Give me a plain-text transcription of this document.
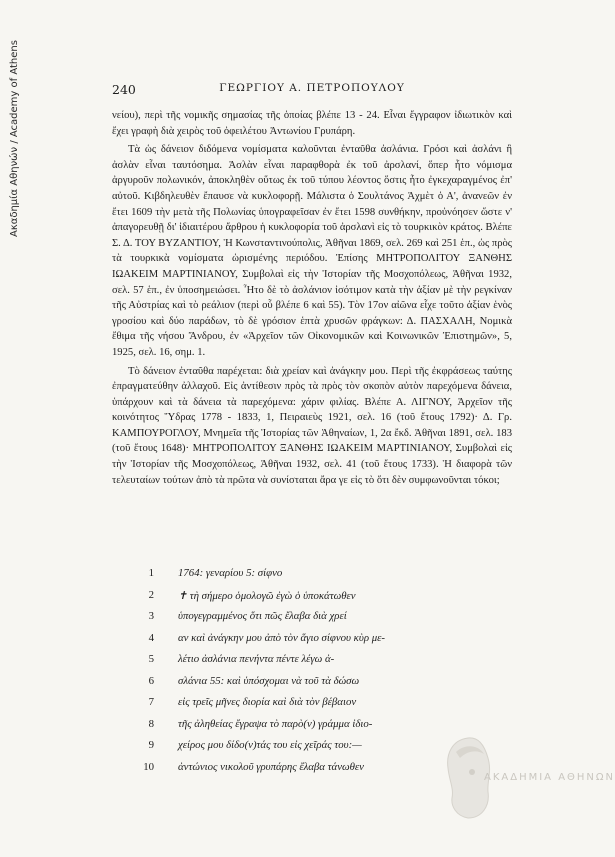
Ακαδημία Αθηνών / Academy of Athens	240	ΓΕΩΡΓΙΟΥ Α. ΠΕΤΡΟΠΟΥΛΟΥ

νείου), περὶ τῆς νομικῆς σημασίας τῆς ὁποίας βλέπε 13 - 24. Εἶναι ἔγγραφον ἰδιωτικὸν καὶ ἔχει γραφὴ διὰ χειρὸς τοῦ ὀφειλέτου Ἀντωνίου Γρυπάρη.

Τὰ ὡς δάνειον διδόμενα νομίσματα καλοῦνται ἐνταῦθα ἀσλάνια. Γρόσι καὶ ἀσλάνι ἢ ἀσλὰν εἶναι ταυτόσημα. Ἀσλὰν εἶναι παραφθορὰ ἐκ τοῦ ἀρσλανί, ὅπερ ἦτο νόμισμα ἀργυροῦν πολωνικόν, ἀποκληθὲν οὕτως ἐκ τοῦ τύπου λέοντος ὅστις ἦτο ἐγκεχαραγμένος ἐπ' αὐτοῦ. Κιβδηλευθὲν ἔπαυσε νὰ κυκλοφορῇ. Μάλιστα ὁ Σουλτάνος Ἀχμὲτ ὁ Α', ἀνανεῶν ἐν ἔτει 1609 τὴν μετὰ τῆς Πολωνίας ὑπογραφεῖσαν ἐν ἔτει 1598 συνθήκην, προὐνόησεν ὥστε ν' ἀπαγορευθῇ δι' ἰδιαιτέρου ἄρθρου ἡ κυκλοφορία τοῦ ἀρσλανὶ εἰς τὸ τουρκικὸν κράτος. Βλέπε Σ. Δ. ΤΟΥ ΒΥΖΑΝΤΙΟΥ, Ἡ Κωνσταντινούπολις, Ἀθῆναι 1869, σελ. 269 καὶ 251 ἑπ., ὡς πρὸς τὰ τουρκικὰ νομίσματα ὡρισμένης περιόδου. Ἐπίσης ΜΗΤΡΟΠΟΛΙΤΟΥ ΞΑΝΘΗΣ ΙΩΑΚΕΙΜ ΜΑΡΤΙΝΙΑΝΟΥ, Συμβολαὶ εἰς τὴν Ἱστορίαν τῆς Μοσχοπόλεως, Ἀθῆναι 1932, σελ. 57 ἑπ., ἐν ὑποσημειώσει. Ἦτο δὲ τὸ ἀσλάνιον ἰσότιμον κατὰ τὴν ἀξίαν μὲ τὴν ρεγκίναν τῆς Αὐστρίας καὶ τὸ ρεάλιον (περὶ οὗ βλέπε 6 καὶ 55). Τὸν 17ον αἰῶνα εἶχε τοῦτο ἀξίαν ἑνὸς γροσίου καὶ δύο παράδων, τὸ δὲ γρόσιον ἑπτὰ χρυσῶν φράγκων: Δ. ΠΑΣΧΑΛΗ, Νομικὰ ἔθιμα τῆς νήσου Ἄνδρου, ἐν «Ἀρχεῖον τῶν Οἰκονομικῶν καὶ Κοινωνικῶν Ἐπιστημῶν», 5, 1925, σελ. 16, σημ. 1.

Τὸ δάνειον ἐνταῦθα παρέχεται: διὰ χρείαν καὶ ἀνάγκην μου. Περὶ τῆς ἐκφράσεως ταύτης ἐπραγματεύθην ἀλλαχοῦ. Εἰς ἀντίθεσιν πρὸς τὰ πρὸς τὸν σκοπὸν αὐτὸν παρεχόμενα δάνεια, ὑπάρχουν καὶ τὰ δάνεια τὰ παρεχόμενα: χάριν φιλίας. Βλέπε Α. ΛΙΓΝΟΥ, Ἀρχεῖον τῆς κοινότητος Ὕδρας 1778 - 1833, 1, Πειραιεὺς 1921, σελ. 16 (τοῦ ἔτους 1792)· Δ. Γρ. ΚΑΜΠΟΥΡΟΓΛΟΥ, Μνημεῖα τῆς Ἱστορίας τῶν Ἀθηναίων, 1, 2α ἔκδ. Ἀθῆναι 1891, σελ. 183 (τοῦ ἔτους 1648)· ΜΗΤΡΟΠΟΛΙΤΟΥ ΞΑΝΘΗΣ ΙΩΑΚΕΙΜ ΜΑΡΤΙΝΙΑΝΟΥ, Συμβολαὶ εἰς τὴν Ἱστορίαν τῆς Μοσχοπόλεως, Ἀθῆναι 1932, σελ. 41 (τοῦ ἔτους 1733). Ἡ διαφορὰ τῶν τελευταίων τούτων ἀπὸ τὰ πρῶτα νὰ συνίσταται ἄρα γε εἰς τὸ ὅτι δὲν συμφωνοῦνται τόκοι;

1 1764: γεναρίου 5: σίφνο
2 ✝ τὴ σήμερο ὁμολογῶ ἐγὼ ὁ ὑποκάτωθεν
3 ὑπογεγραμμένος ὅτι πῶς ἔλαβα διὰ χρεί
4 αν καὶ ἀνάγκην μου ἀπὸ τὸν ἅγιο σίφνου κὺρ με-
5 λέτιο ἀσλάνια πενήντα πέντε λέγω ἀ-
6 σλάνια 55: καὶ ὑπόσχομαι νὰ τοῦ τὰ δώσω
7 εἰς τρεῖς μῆνες διορία καὶ διὰ τὸν βέβαιον
8 τῆς ἀληθείας ἔγραψα τὸ παρὸ(ν) γράμμα ἰδιο-
9 χείρος μου δίδο(ν)τάς του εἰς χεῖράς του:—
10 ἀντώνιος νικολοῦ γρυπάρης ἔλαβα τάνωθεν
ΑΚΑΔΗΜΙΑ ΑΘΗΝΩΝ
